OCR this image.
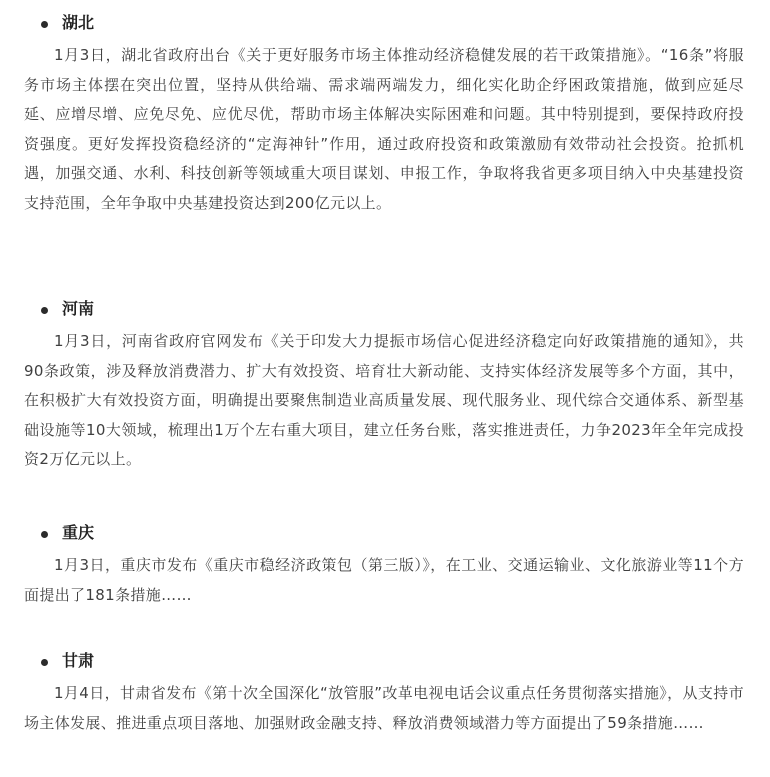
湖北

1月3日，湖北省政府出台《关于更好服务市场主体推动经济稳健发展的若干政策措施》。“16条”将服务市场主体摆在突出位置，坚持从供给端、需求端两端发力，细化实化助企纾困政策措施，做到应延尽延、应增尽增、应免尽免、应优尽优，帮助市场主体解决实际困难和问题。其中特别提到，要保持政府投资强度。更好发挥投资稳经济的“定海神针”作用，通过政府投资和政策激励有效带动社会投资。抢抓机遇，加强交通、水利、科技创新等领域重大项目谋划、申报工作，争取将我省更多项目纳入中央基建投资支持范围，全年争取中央基建投资达到200亿元以上。

河南

1月3日，河南省政府官网发布《关于印发大力提振市场信心促进经济稳定向好政策措施的通知》，共90条政策，涉及释放消费潜力、扩大有效投资、培育壮大新动能、支持实体经济发展等多个方面，其中，在积极扩大有效投资方面，明确提出要聚焦制造业高质量发展、现代服务业、现代综合交通体系、新型基础设施等10大领域，梳理出1万个左右重大项目，建立任务台账，落实推进责任，力争2023年全年完成投资2万亿元以上。

重庆

1月3日，重庆市发布《重庆市稳经济政策包（第三版）》，在工业、交通运输业、文化旅游业等11个方面提出了181条措施……

甘肃

1月4日，甘肃省发布《第十次全国深化“放管服”改革电视电话会议重点任务贯彻落实措施》，从支持市场主体发展、推进重点项目落地、加强财政金融支持、释放消费领域潜力等方面提出了59条措施……
